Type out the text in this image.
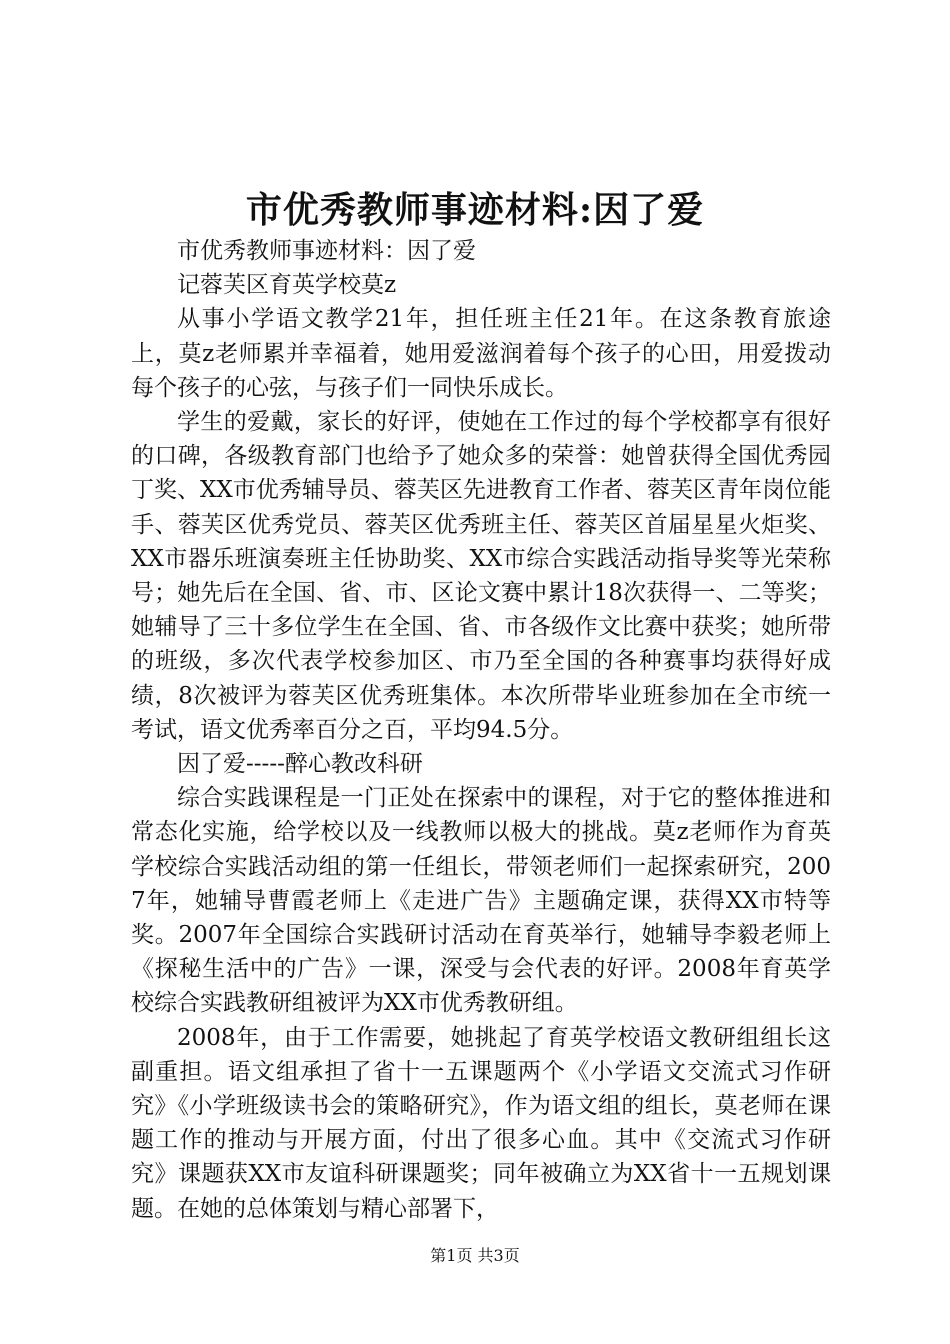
市优秀教师事迹材料:因了爱

市优秀教师事迹材料：因了爱

记蓉芙区育英学校莫z

从事小学语文教学21年，担任班主任21年。在这条教育旅途上，莫z老师累并幸福着，她用爱滋润着每个孩子的心田，用爱拨动每个孩子的心弦，与孩子们一同快乐成长。

学生的爱戴，家长的好评，使她在工作过的每个学校都享有很好的口碑，各级教育部门也给予了她众多的荣誉：她曾获得全国优秀园丁奖、XX市优秀辅导员、蓉芙区先进教育工作者、蓉芙区青年岗位能手、蓉芙区优秀党员、蓉芙区优秀班主任、蓉芙区首届星星火炬奖、XX市器乐班演奏班主任协助奖、XX市综合实践活动指导奖等光荣称号；她先后在全国、省、市、区论文赛中累计18次获得一、二等奖；她辅导了三十多位学生在全国、省、市各级作文比赛中获奖；她所带的班级，多次代表学校参加区、市乃至全国的各种赛事均获得好成绩，8次被评为蓉芙区优秀班集体。本次所带毕业班参加在全市统一考试，语文优秀率百分之百，平均94.5分。

因了爱-----醉心教改科研

综合实践课程是一门正处在探索中的课程，对于它的整体推进和常态化实施，给学校以及一线教师以极大的挑战。莫z老师作为育英学校综合实践活动组的第一任组长，带领老师们一起探索研究，2007年，她辅导曹霞老师上《走进广告》主题确定课，获得XX市特等奖。2007年全国综合实践研讨活动在育英举行，她辅导李毅老师上《探秘生活中的广告》一课，深受与会代表的好评。2008年育英学校综合实践教研组被评为XX市优秀教研组。

2008年，由于工作需要，她挑起了育英学校语文教研组组长这副重担。语文组承担了省十一五课题两个《小学语文交流式习作研究》《小学班级读书会的策略研究》，作为语文组的组长，莫老师在课题工作的推动与开展方面，付出了很多心血。其中《交流式习作研究》课题获XX市友谊科研课题奖；同年被确立为XX省十一五规划课题。在她的总体策划与精心部署下，

第1页 共3页
